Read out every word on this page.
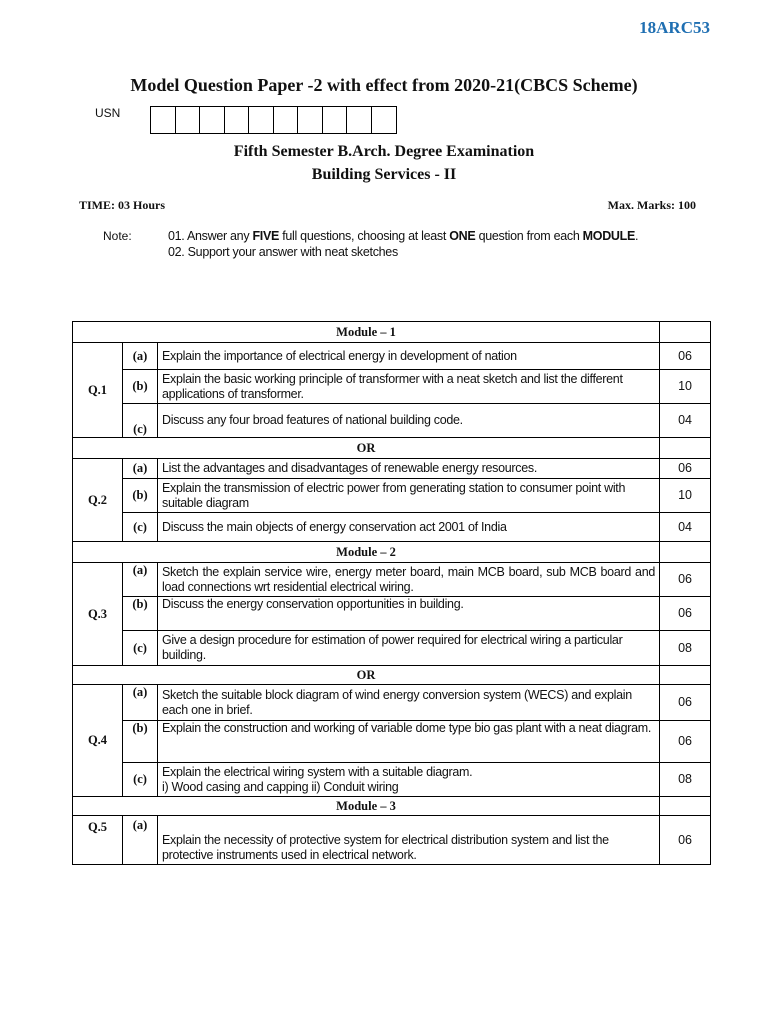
18ARC53
Model Question Paper -2 with effect from 2020-21(CBCS Scheme)
USN
Fifth Semester B.Arch. Degree Examination
Building Services - II
TIME: 03 Hours	Max. Marks: 100
Note:	01. Answer any FIVE full questions, choosing at least ONE question from each MODULE.
02. Support your answer with neat sketches
Module – 1			
Q.1	(a)	Explain the importance of electrical energy in development of nation	06
	(b)	Explain the basic working principle of transformer with a neat sketch and list the different applications of transformer.	10
	(c)	Discuss any four broad features of national building code.	04
OR			
Q.2	(a)	List the advantages and disadvantages of renewable energy resources.	06
	(b)	Explain the transmission of electric power from generating station to consumer point with suitable diagram	10
	(c)	Discuss the main objects of energy conservation act 2001 of India	04
Module – 2			
Q.3	(a)	Sketch the explain service wire, energy meter board, main MCB board, sub MCB board and load connections wrt residential electrical wiring.	06
	(b)	Discuss the energy conservation opportunities in building.	06
	(c)	Give a design procedure for estimation of power required for electrical wiring a particular building.	08
OR			
Q.4	(a)	Sketch the suitable block diagram of wind energy conversion system (WECS) and explain each one in brief.	06
	(b)	Explain the construction and working of variable dome type bio gas plant with a neat diagram.	06
	(c)	Explain the electrical wiring system with a suitable diagram.
i) Wood casing and capping ii) Conduit wiring	08
Module – 3			
Q.5	(a)	Explain the necessity of protective system for electrical distribution system and list the protective instruments used in electrical network.	06
